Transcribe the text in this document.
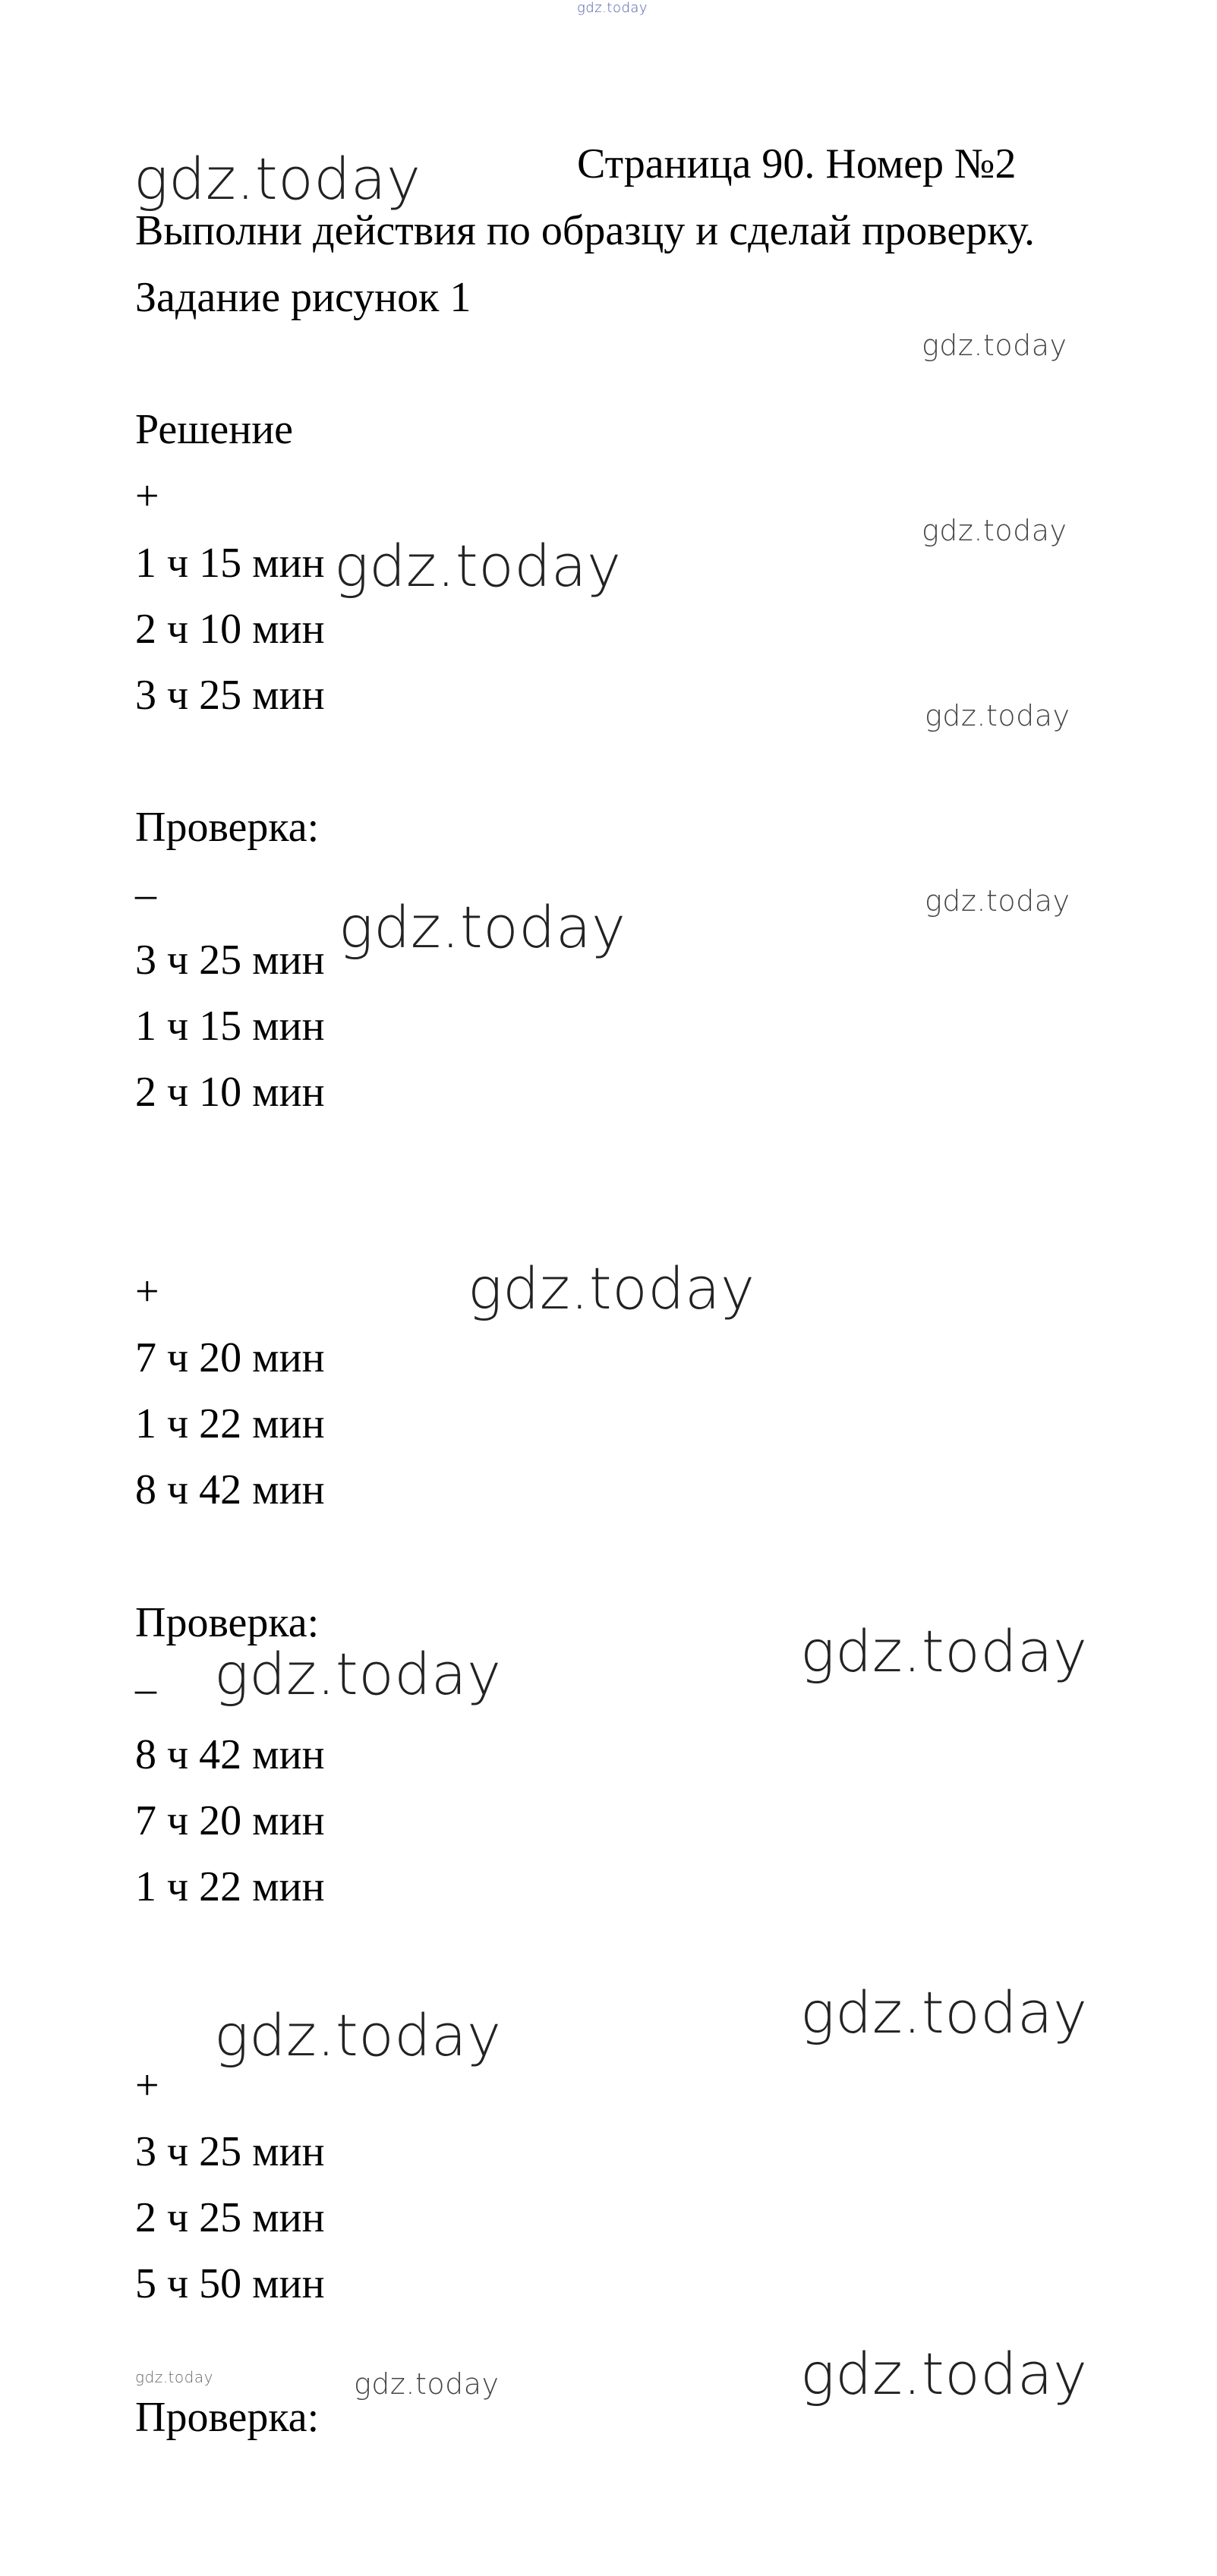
Страница 90. Номер №2
Выполни действия по образцу и сделай проверку.
Задание рисунок 1
Решение
+
1 ч 15 мин
2 ч 10 мин
3 ч 25 мин
Проверка:
–
3 ч 25 мин
1 ч 15 мин
2 ч 10 мин
+
7 ч 20 мин
1 ч 22 мин
8 ч 42 мин
Проверка:
–
8 ч 42 мин
7 ч 20 мин
1 ч 22 мин
+
3 ч 25 мин
2 ч 25 мин
5 ч 50 мин
Проверка:
gdz.today
gdz.today
gdz.today
gdz.today
gdz.today
gdz.today
gdz.today
gdz.today
gdz.today
gdz.today
gdz.today
gdz.today
gdz.today
gdz.today	gdz.today	gdz.today
